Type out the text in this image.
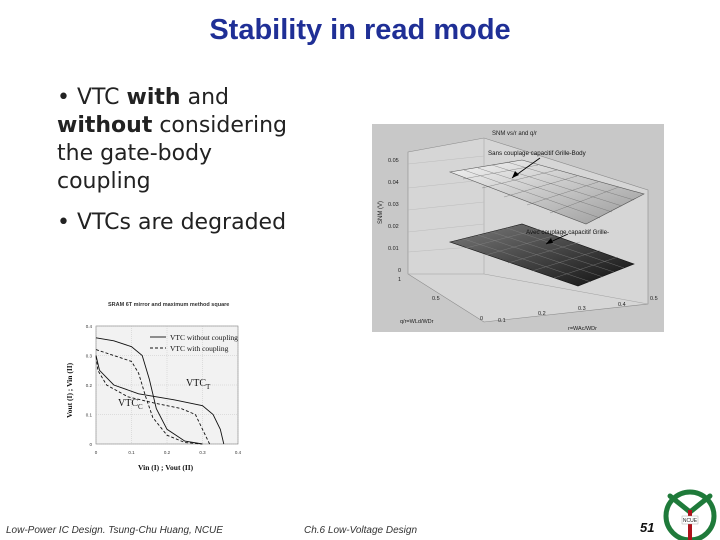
Stability in read mode
• VTC with and
without considering the gate-body coupling
• VTCs are degraded
SNM vs/r and q/r
Sans couplage capacitif Grille-Body
Avec couplage capacitif Grille-
SNM (V)
0.05
0.04
0.03
0.02
0.01
0
1
0.5
0
0.5
0.4
0.3
0.2
0.1
q/r=WLd/WDr
r=WAc/WDr
0	0.1	0.2	0.3	0.4
0.4
0.3
0.2
0.1
0
SRAM 6T mirror and maximum method square
Vout (I) ; Vin (II)
Vin (I) ; Vout (II)
VTC without coupling
VTC with coupling
$VTC_T$
$VTC_C$
Low-Power IC Design. Tsung-Chu Huang, NCUE	Ch.6 Low-Voltage Design	51	NCUE
